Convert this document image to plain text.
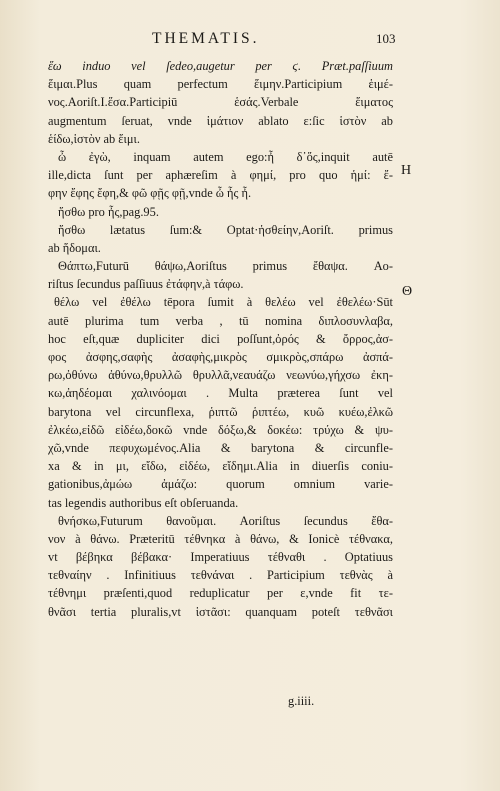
THEMATIS.	103
ἕω induo vel ſedeo,augetur per ϛ. Præt.paſſiuum
ἕιμαι.Plus quam perfectum ἕιμην.Participium ἑιμέ-
νος.Aoriſt.I.ἕσα.Participiū ἑσάς.Verbale ἕιματος
augmentum ſeruat, vnde ἱμάτιον ablato ε:ſic ἱστὸν ab
ἑίδω,ἱστὸν ab ἕιμι.
ὦ ἐγὼ, inquam autem ego:ἦ δ᾽ὅς,inquit autē
ille,dicta ſunt per aphæreſim à φημί, pro quo ἡμί: ἔ-
φην ἔφης ἔφη,& φῶ φῇς φῇ,vnde ὦ ἦς ἦ.
ἥσθω pro ἦς,pag.95.
ἥσθω lætatus ſum:& Optat·ἡσθείην,Aoriſt. primus
ab ἥδομαι.
Θάπτω,Futurū θάψω,Aoriſtus primus ἔθαψα. Ao-
riſtus ſecundus paſſiuus ἐτάφην,à τάφω.
θέλω vel ἐθέλω tēpora ſumit à θελέω vel ἐθελέω·Sūt
autē plurima tum verba , tū nomina διπλοσυνλαβα,
hoc eſt,quæ dupliciter dici poſſunt,ὀρός & ὄρρος,ἀσ-
φος ἀσφης,σαφὴς ἀσαφὴς,μικρὸς σμικρὸς,σπάρω ἀσπά-
ρω,ὀθύνω ἀθύνω,θρυλλῶ θρυλλᾶ,νεαυάζω νεωνύω,γήχσω ἐκη-
κω,ἀηδέομαι χαλινόομαι . Multa præterea ſunt vel
barytona vel circunflexa, ῥιπτῶ ῥιπτέω, κυῶ κυέω,ἐλκῶ
ἐλκέω,εἰδῶ εἰδέω,δοκῶ vnde δόξω,& δοκέω: τρύχω & ψυ-
χῶ,vnde πεφυχωμένος.Alia & barytona & circunfle-
xa & in μι, εἴδω, εἰδέω, εἴδημι.Alia in diuerſis coniu-
gationibus,ἀμώω ἀμάζω: quorum omnium varie-
tas legendis authoribus eſt obſeruanda.
θνήσκω,Futurum θανοῦμαι. Aoriſtus ſecundus ἔθα-
νον à θάνω. Præteritū τέθνηκα à θάνω, & Ionicè τέθνακα,
vt βέβηκα βέβακα· Imperatiuus τέθναθι . Optatiuus
τεθναίην . Infinitiuus τεθνάναι . Participium τεθνὰς à
τέθνημι præſenti,quod reduplicatur per ε,vnde fit τε-
θνᾶσι tertia pluralis,vt ἱστᾶσι: quanquam poteſt τεθνᾶσι
H
Θ
g.iiii.
